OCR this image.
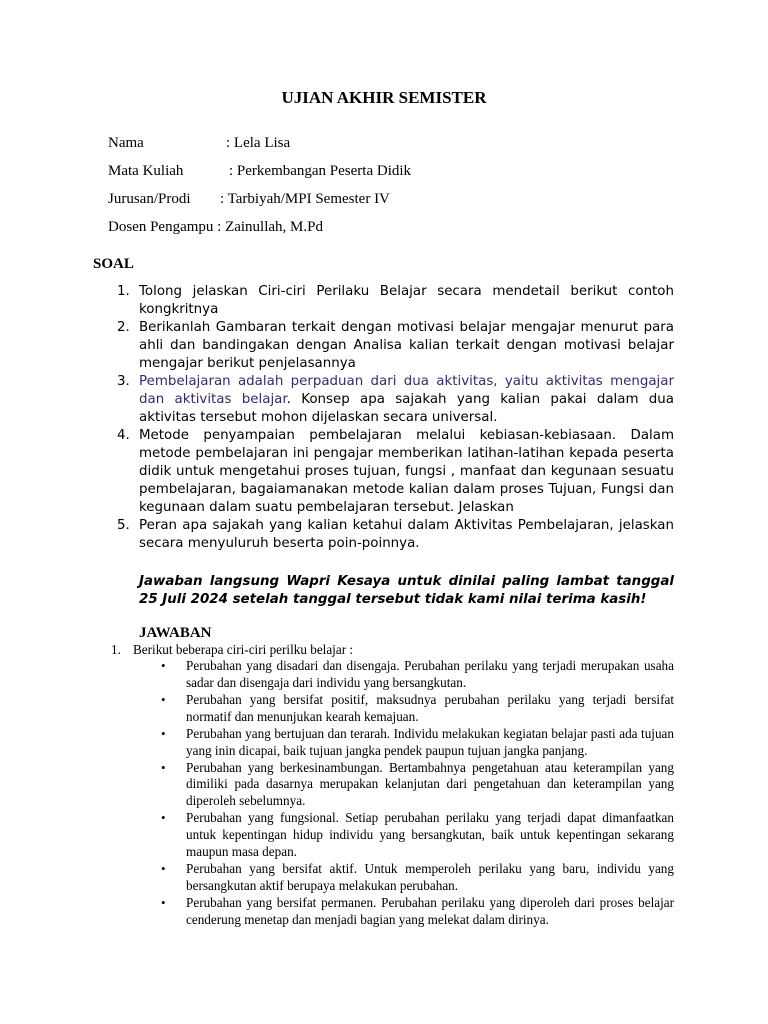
UJIAN AKHIR SEMISTER

Nama	: Lela Lisa

Mata Kuliah	: Perkembangan Peserta Didik

Jurusan/Prodi : Tarbiyah/MPI Semester IV

Dosen Pengampu : Zainullah, M.Pd

SOAL
1. Tolong jelaskan Ciri-ciri Perilaku Belajar secara mendetail berikut contoh kongkritnya
2. Berikanlah Gambaran terkait dengan motivasi belajar mengajar menurut para ahli dan bandingakan dengan Analisa kalian terkait dengan motivasi belajar mengajar berikut penjelasannya
3. Pembelajaran adalah perpaduan dari dua aktivitas, yaitu aktivitas mengajar dan aktivitas belajar. Konsep apa sajakah yang kalian pakai dalam dua aktivitas tersebut mohon dijelaskan secara universal.
4. Metode penyampaian pembelajaran melalui kebiasan-kebiasaan. Dalam metode pembelajaran ini pengajar memberikan latihan-latihan kepada peserta didik untuk mengetahui proses tujuan, fungsi , manfaat dan kegunaan sesuatu pembelajaran, bagaiamanakan metode kalian dalam proses Tujuan, Fungsi dan kegunaan dalam suatu pembelajaran tersebut. Jelaskan
5. Peran apa sajakah yang kalian ketahui dalam Aktivitas Pembelajaran, jelaskan secara menyuluruh beserta poin-poinnya.
Jawaban langsung Wapri Kesaya untuk dinilai paling lambat tanggal 25 Juli 2024 setelah tanggal tersebut tidak kami nilai terima kasih!
JAWABAN
1. Berikut beberapa ciri-ciri perilku belajar :
• Perubahan yang disadari dan disengaja. Perubahan perilaku yang terjadi merupakan usaha sadar dan disengaja dari individu yang bersangkutan.
• Perubahan yang bersifat positif, maksudnya perubahan perilaku yang terjadi bersifat normatif dan menunjukan kearah kemajuan.
• Perubahan yang bertujuan dan terarah. Individu melakukan kegiatan belajar pasti ada tujuan yang inin dicapai, baik tujuan jangka pendek paupun tujuan jangka panjang.
• Perubahan yang berkesinambungan. Bertambahnya pengetahuan atau keterampilan yang dimiliki pada dasarnya merupakan kelanjutan dari pengetahuan dan keterampilan yang diperoleh sebelumnya.
• Perubahan yang fungsional. Setiap perubahan perilaku yang terjadi dapat dimanfaatkan untuk kepentingan hidup individu yang bersangkutan, baik untuk kepentingan sekarang maupun masa depan.
• Perubahan yang bersifat aktif. Untuk memperoleh perilaku yang baru, individu yang bersangkutan aktif berupaya melakukan perubahan.
• Perubahan yang bersifat permanen. Perubahan perilaku yang diperoleh dari proses belajar cenderung menetap dan menjadi bagian yang melekat dalam dirinya.
